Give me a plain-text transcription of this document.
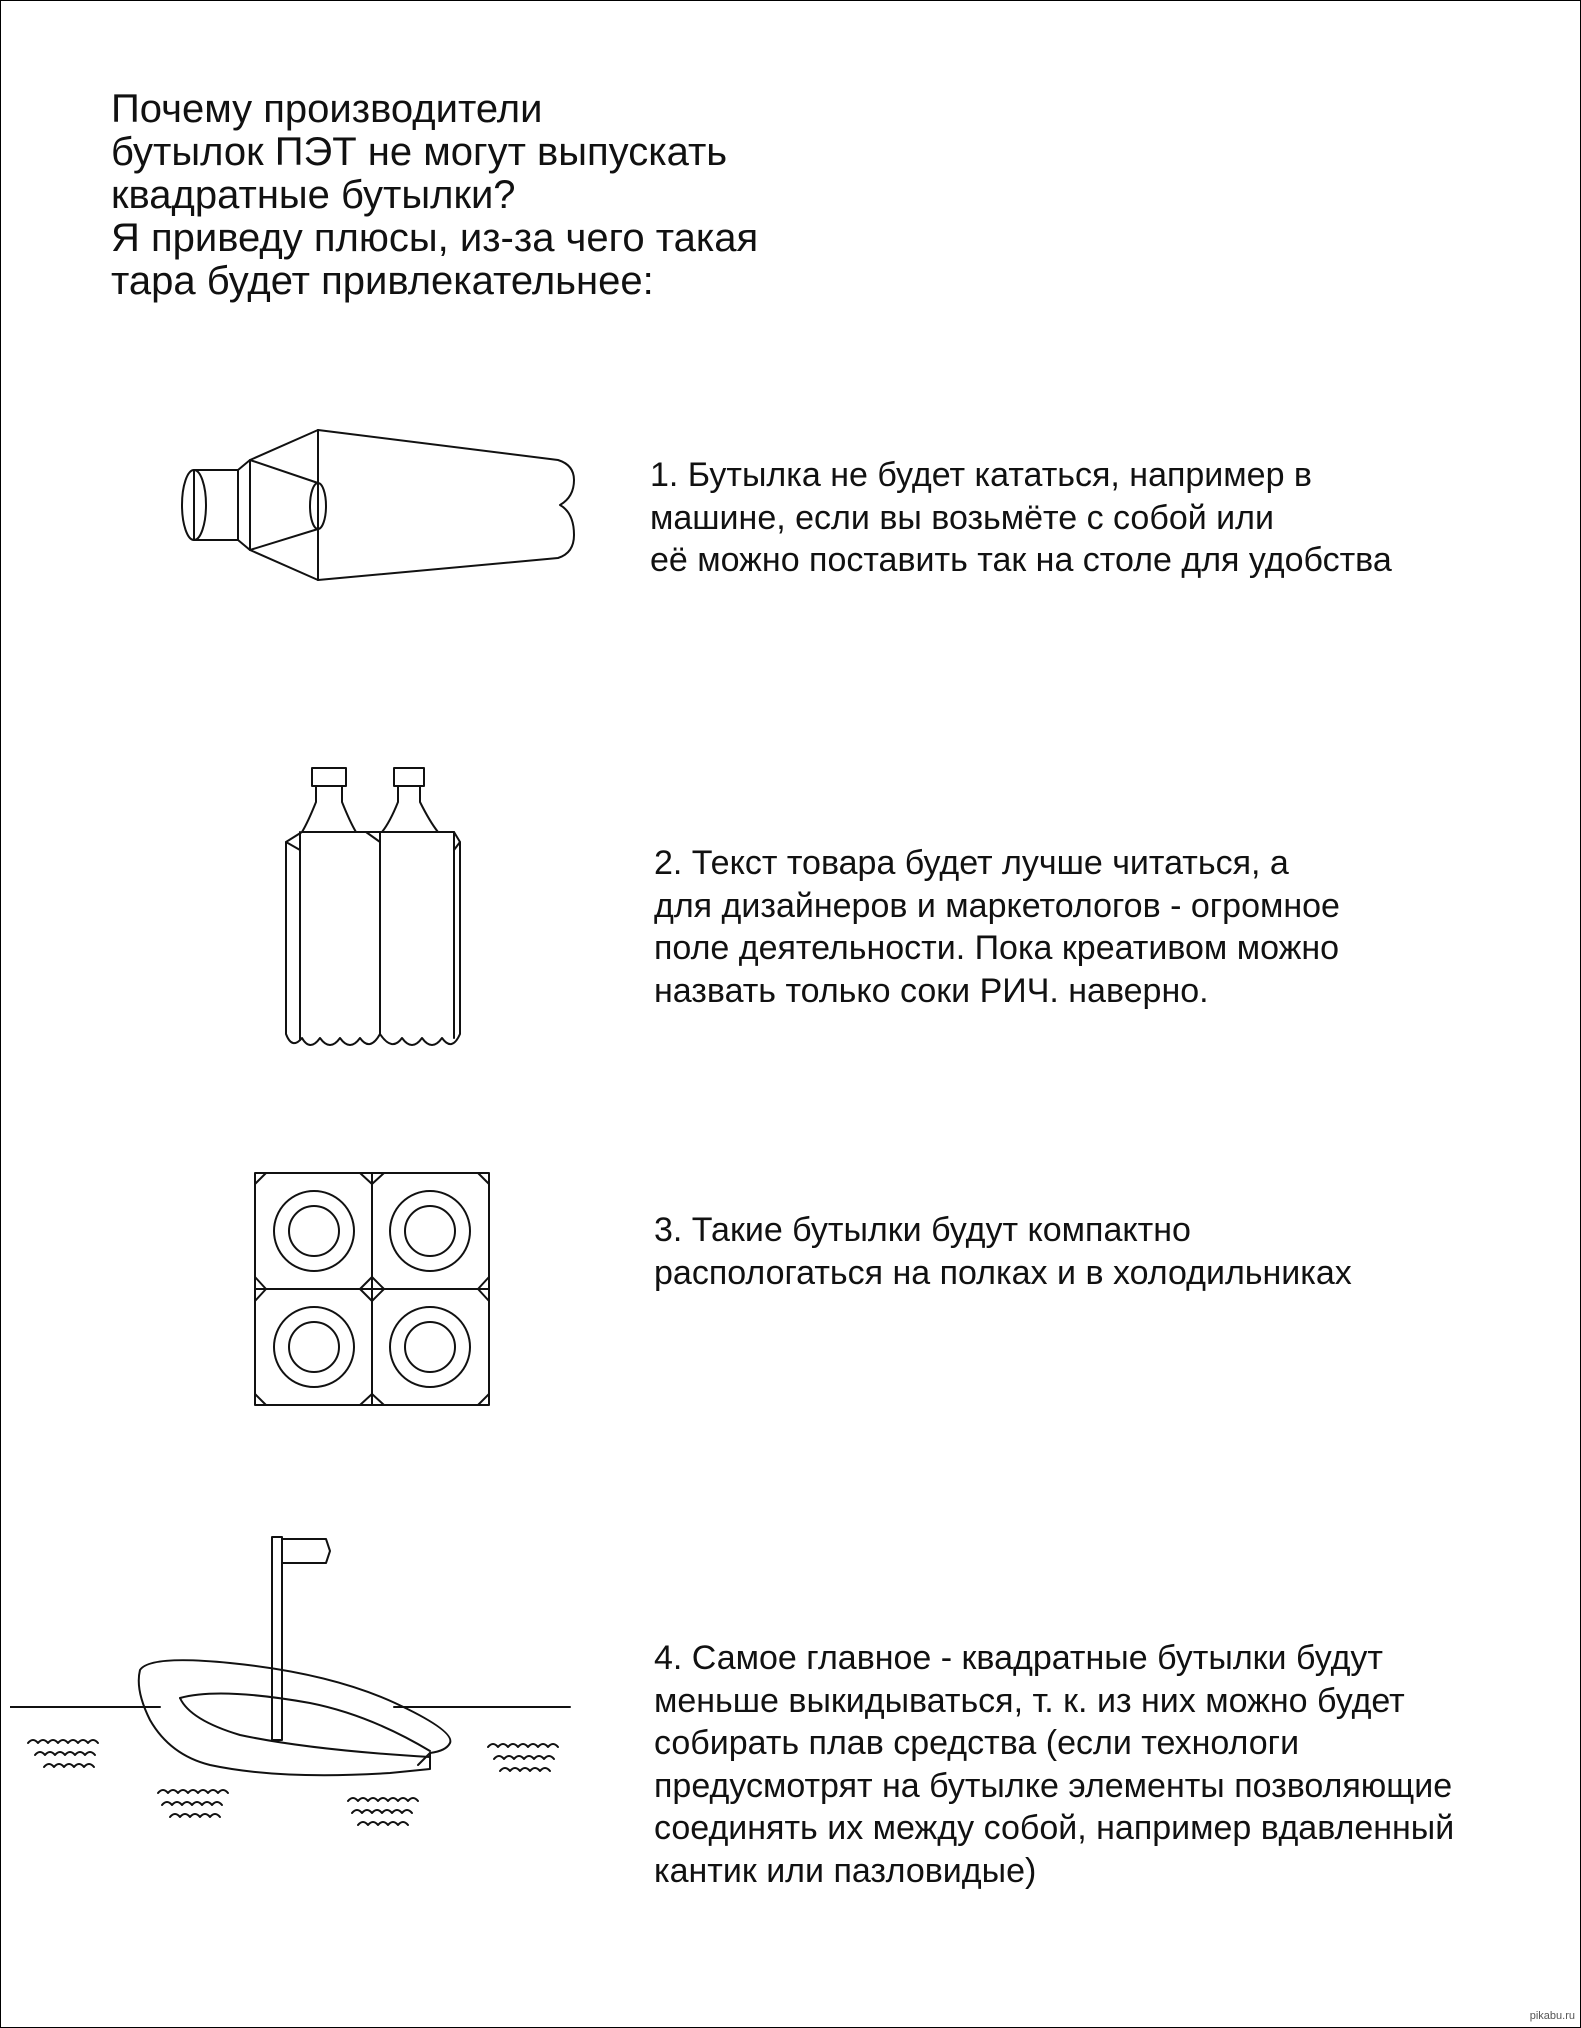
Почему производители
бутылок ПЭТ не могут выпускать
квадратные бутылки?
Я приведу плюсы, из-за чего такая
тара будет привлекательнее:
1. Бутылка не будет кататься, например в
машине, если вы возьмёте с собой или
её можно поставить так на столе для удобства
2. Текст товара будет лучше читаться, а
для дизайнеров и маркетологов - огромное
поле деятельности. Пока креативом можно
назвать только соки РИЧ. наверно.
3. Такие бутылки будут компактно
распологаться на полках и в холодильниках
4. Самое главное - квадратные бутылки будут
меньше выкидываться, т. к. из них можно будет
собирать плав средства (если технологи
предусмотрят на бутылке элементы позволяющие
соединять их между собой, например вдавленный
кантик или пазловидые)
pikabu.ru
